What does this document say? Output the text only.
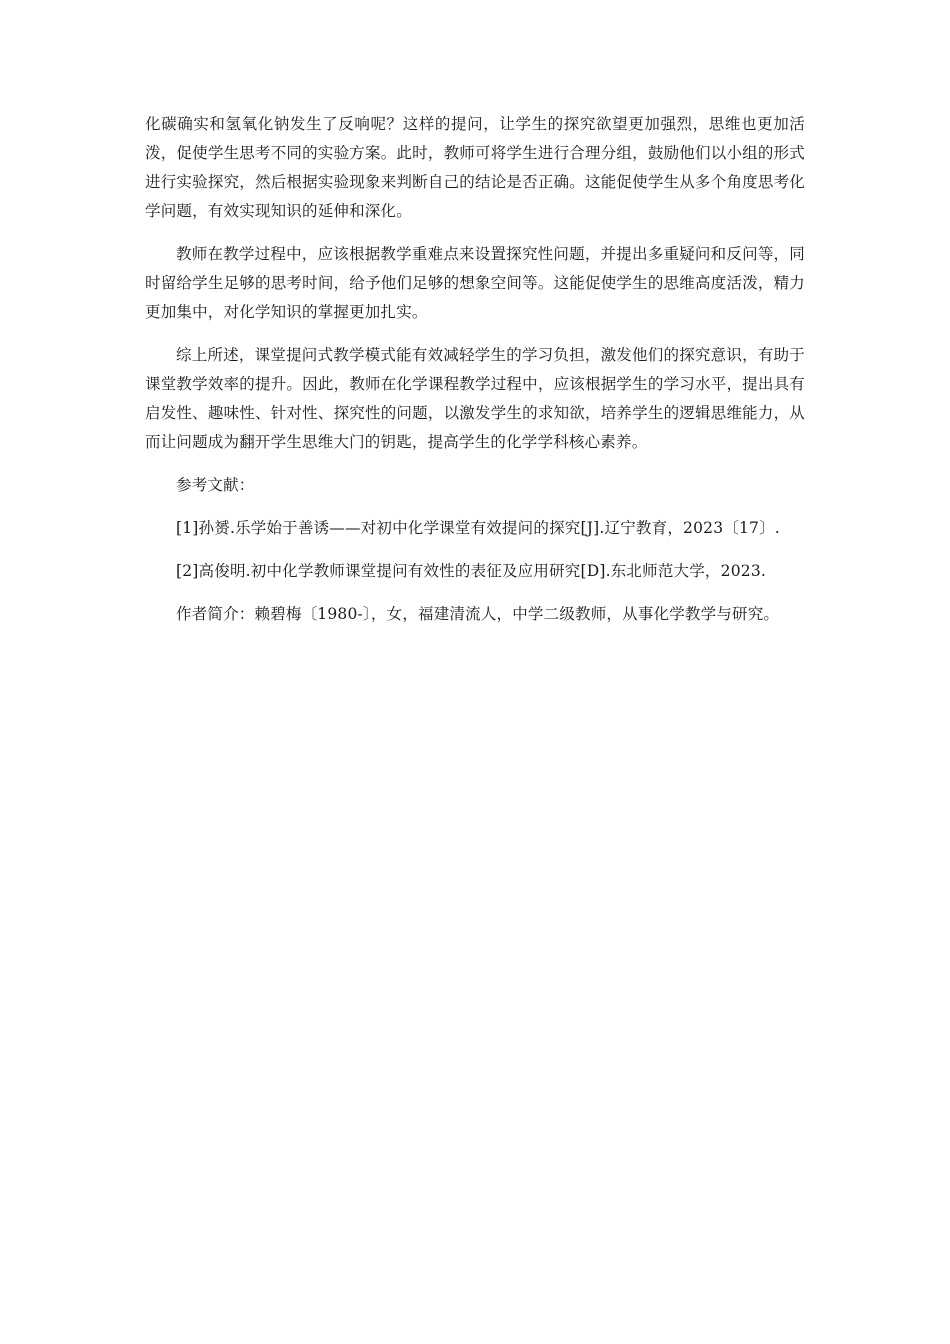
化碳确实和氢氧化钠发生了反响呢？这样的提问，让学生的探究欲望更加强烈，思维也更加活泼，促使学生思考不同的实验方案。此时，教师可将学生进行合理分组，鼓励他们以小组的形式进行实验探究，然后根据实验现象来判断自己的结论是否正确。这能促使学生从多个角度思考化学问题，有效实现知识的延伸和深化。

教师在教学过程中，应该根据教学重难点来设置探究性问题，并提出多重疑问和反问等，同时留给学生足够的思考时间，给予他们足够的想象空间等。这能促使学生的思维高度活泼，精力更加集中，对化学知识的掌握更加扎实。

综上所述，课堂提问式教学模式能有效减轻学生的学习负担，激发他们的探究意识，有助于课堂教学效率的提升。因此，教师在化学课程教学过程中，应该根据学生的学习水平，提出具有启发性、趣味性、针对性、探究性的问题，以激发学生的求知欲，培养学生的逻辑思维能力，从而让问题成为翻开学生思维大门的钥匙，提高学生的化学学科核心素养。

参考文献：

[1]孙赟.乐学始于善诱——对初中化学课堂有效提问的探究[J].辽宁教育，2023〔17〕.

[2]高俊明.初中化学教师课堂提问有效性的表征及应用研究[D].东北师范大学，2023.

作者简介：赖碧梅〔1980-〕，女，福建清流人，中学二级教师，从事化学教学与研究。
